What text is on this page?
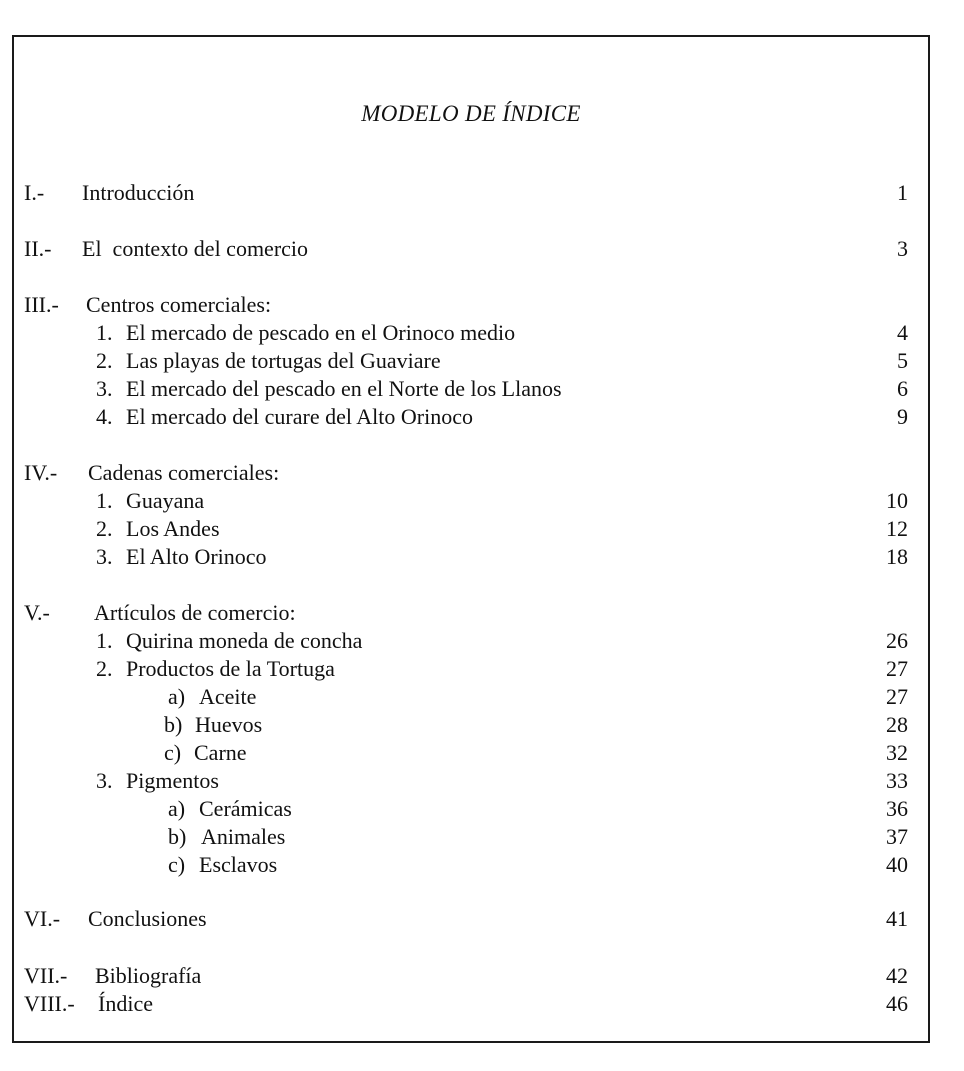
MODELO DE ÍNDICE
I.- Introducción	1
II.- El  contexto del comercio	3
III.- Centros comerciales:
1. El mercado de pescado en el Orinoco medio	4
2. Las playas de tortugas del Guaviare	5
3. El mercado del pescado en el Norte de los Llanos	6
4. El mercado del curare del Alto Orinoco	9
IV.- Cadenas comerciales:
1. Guayana	10
2. Los Andes	12
3. El Alto Orinoco	18
V.- Artículos de comercio:
1. Quirina moneda de concha	26
2. Productos de la Tortuga	27
a) Aceite	27
b) Huevos	28
c) Carne	32
3. Pigmentos	33
a) Cerámicas	36
b) Animales	37
c) Esclavos	40
VI.- Conclusiones	41
VII.- Bibliografía	42
VIII.- Índice	46
